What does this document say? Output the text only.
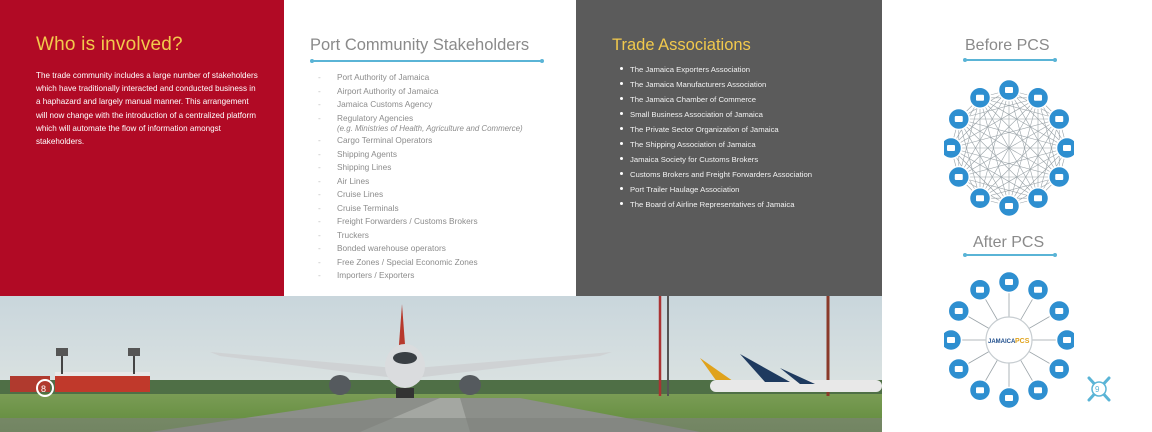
Who is involved?

The trade community includes a large number of stakeholders which have traditionally interacted and conducted business in a haphazard and largely manual manner. This arrangement will now change with the introduction of a centralized platform which will automate the flow of information amongst stakeholders.

Port Community Stakeholders
- Port Authority of Jamaica
- Airport Authority of Jamaica
- Jamaica Customs Agency
- Regulatory Agencies
(e.g. Ministries of Health, Agriculture and Commerce)
- Cargo Terminal Operators
- Shipping Agents
- Shipping Lines
- Air Lines
- Cruise Lines
- Cruise Terminals
- Freight Forwarders / Customs Brokers
- Truckers
- Bonded warehouse operators
- Free Zones / Special Economic Zones
- Importers / Exporters
Trade Associations
The Jamaica Exporters Association
The Jamaica Manufacturers Association
The Jamaica Chamber of Commerce
Small Business Association of Jamaica
The Private Sector Organization of Jamaica
The Shipping Association of Jamaica
Jamaica Society for Customs Brokers
Customs Brokers and Freight Forwarders Association
Port Trailer Haulage Association
The Board of Airline Representatives of Jamaica
Before PCS
After PCS
JAMAICA PCS
9
8
